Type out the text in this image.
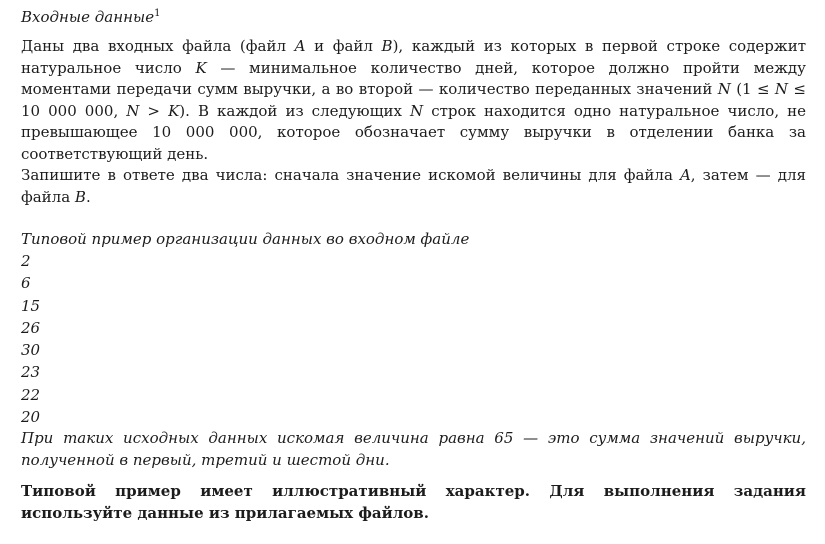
Входные данные$^1$

Даны два входных файла (файл A и файл B), каждый из которых в первой строке содержит натуральное число K — минимальное количество дней, которое должно пройти между моментами передачи сумм выручки, а во второй — количество переданных значений N (1 ≤ N ≤ 10 000 000, N > K). В каждой из следующих N строк находится одно натуральное число, не превышающее 10 000 000, которое обозначает сумму выручки в отделении банка за соответствующий день.

Запишите в ответе два числа: сначала значение искомой величины для файла A, затем — для файла B.

Типовой пример организации данных во входном файле

2
6
15
26
30
23
22
20

При таких исходных данных искомая величина равна 65 — это сумма значений выручки, полученной в первый, третий и шестой дни.

Типовой пример имеет иллюстративный характер. Для выполнения задания используйте данные из прилагаемых файлов.
